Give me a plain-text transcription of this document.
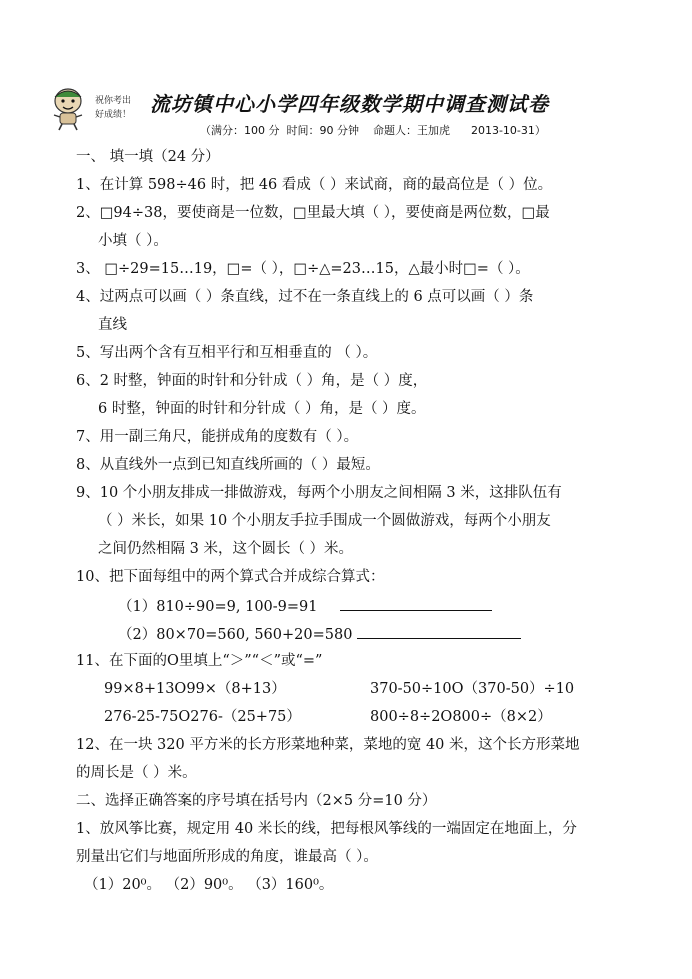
祝你考出
好成绩！ 流坊镇中心小学四年级数学期中调查测试卷
（满分：100 分  时间：90 分钟    命题人：王加虎      2013-10-31）
一、 填一填（24 分）
1、在计算 598÷46 时，把 46 看成（ ）来试商，商的最高位是（ ）位。
2、□94÷38，要使商是一位数，□里最大填（ ），要使商是两位数，□最
小填（ ）。
3、 □÷29=15…19，□=（ ），□÷△=23…15，△最小时□=（ ）。
4、过两点可以画（ ）条直线，过不在一条直线上的 6 点可以画（ ）条
直线
5、写出两个含有互相平行和互相垂直的 （ ）。
6、2 时整，钟面的时针和分针成（ ）角，是（ ）度，
6 时整，钟面的时针和分针成（ ）角，是（ ）度。
7、用一副三角尺，能拼成角的度数有（ ）。
8、从直线外一点到已知直线所画的（ ）最短。
9、10 个小朋友排成一排做游戏，每两个小朋友之间相隔 3 米，这排队伍有
（ ）米长，如果 10 个小朋友手拉手围成一个圆做游戏，每两个小朋友
之间仍然相隔 3 米，这个圆长（ ）米。
10、把下面每组中的两个算式合并成综合算式：
（1）810÷90=9, 100-9=91
（2）80×70=560, 560+20=580
11、在下面的O里填上“＞”“＜”或“=”
99×8+13O99×（8+13）	370-50÷10O（370-50）÷10
276-25-75O276-（25+75）	800÷8÷2O800÷（8×2）
12、在一块 320 平方米的长方形菜地种菜，菜地的宽 40 米，这个长方形菜地
的周长是（ ）米。
二、选择正确答案的序号填在括号内（2×5 分=10 分）
1、放风筝比赛，规定用 40 米长的线，把每根风筝线的一端固定在地面上，分
别量出它们与地面所形成的角度，谁最高（ ）。
（1）20⁰。 （2）90⁰。 （3）160⁰。
